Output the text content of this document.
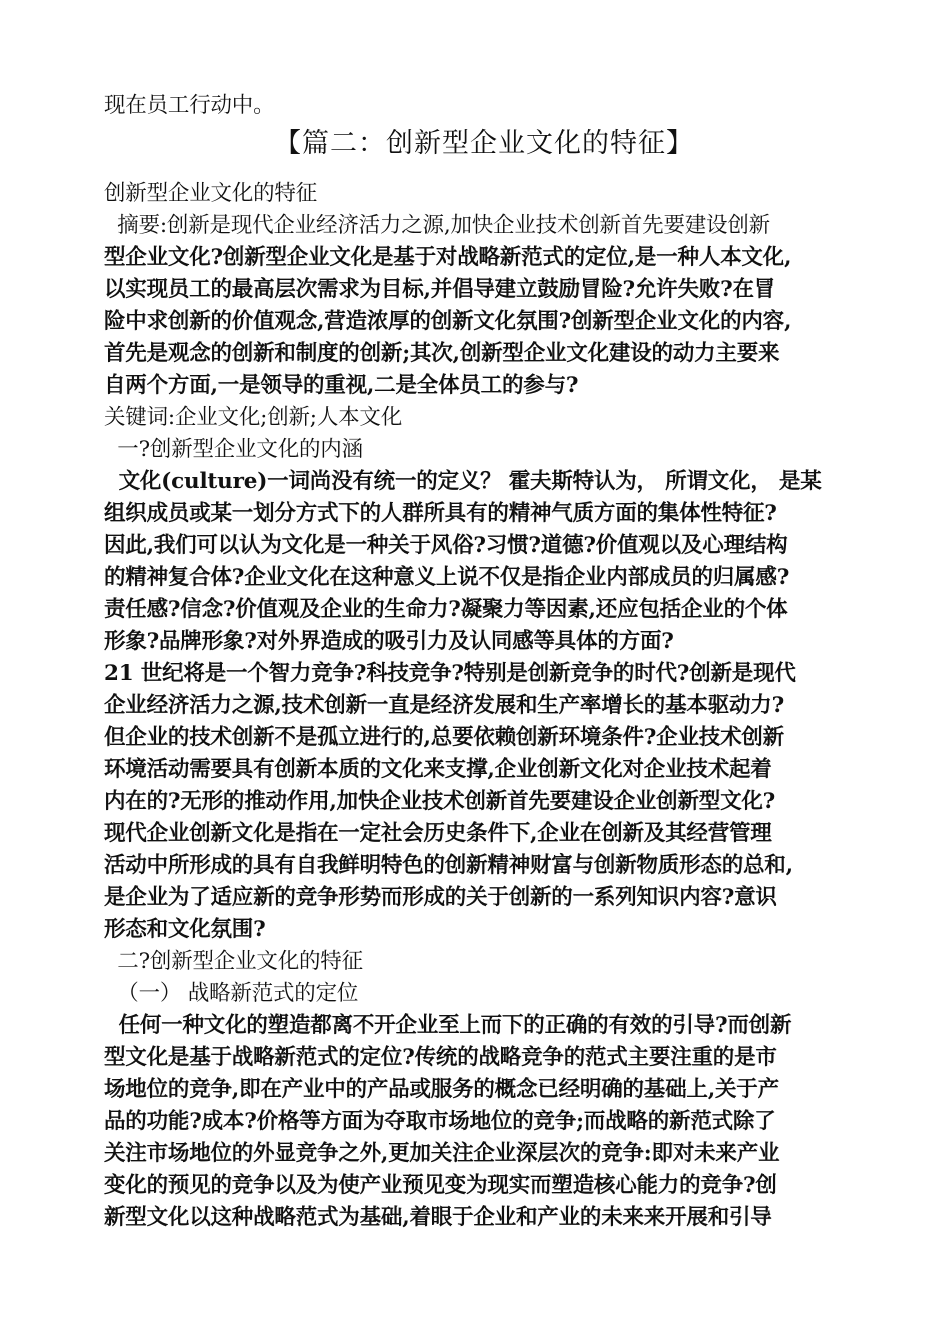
现在员工行动中。
【篇二：创新型企业文化的特征】
创新型企业文化的特征
摘要:创新是现代企业经济活力之源,加快企业技术创新首先要建设创新
型企业文化?创新型企业文化是基于对战略新范式的定位,是一种人本文化,
以实现员工的最高层次需求为目标,并倡导建立鼓励冒险?允许失败?在冒
险中求创新的价值观念,营造浓厚的创新文化氛围?创新型企业文化的内容,
首先是观念的创新和制度的创新;其次,创新型企业文化建设的动力主要来
自两个方面,一是领导的重视,二是全体员工的参与?
关键词:企业文化;创新;人本文化
一?创新型企业文化的内涵
文化(culture)一词尚没有统一的定义？ 霍夫斯特认为， 所谓文化， 是某
组织成员或某一划分方式下的人群所具有的精神气质方面的集体性特征?
因此,我们可以认为文化是一种关于风俗?习惯?道德?价值观以及心理结构
的精神复合体?企业文化在这种意义上说不仅是指企业内部成员的归属感?
责任感?信念?价值观及企业的生命力?凝聚力等因素,还应包括企业的个体
形象?品牌形象?对外界造成的吸引力及认同感等具体的方面?
21 世纪将是一个智力竞争?科技竞争?特别是创新竞争的时代?创新是现代
企业经济活力之源,技术创新一直是经济发展和生产率增长的基本驱动力?
但企业的技术创新不是孤立进行的,总要依赖创新环境条件?企业技术创新
环境活动需要具有创新本质的文化来支撑,企业创新文化对企业技术起着
内在的?无形的推动作用,加快企业技术创新首先要建设企业创新型文化?
现代企业创新文化是指在一定社会历史条件下,企业在创新及其经营管理
活动中所形成的具有自我鲜明特色的创新精神财富与创新物质形态的总和,
是企业为了适应新的竞争形势而形成的关于创新的一系列知识内容?意识
形态和文化氛围?
二?创新型企业文化的特征
（一） 战略新范式的定位
任何一种文化的塑造都离不开企业至上而下的正确的有效的引导?而创新
型文化是基于战略新范式的定位?传统的战略竞争的范式主要注重的是市
场地位的竞争,即在产业中的产品或服务的概念已经明确的基础上,关于产
品的功能?成本?价格等方面为夺取市场地位的竞争;而战略的新范式除了
关注市场地位的外显竞争之外,更加关注企业深层次的竞争:即对未来产业
变化的预见的竞争以及为使产业预见变为现实而塑造核心能力的竞争?创
新型文化以这种战略范式为基础,着眼于企业和产业的未来来开展和引导
